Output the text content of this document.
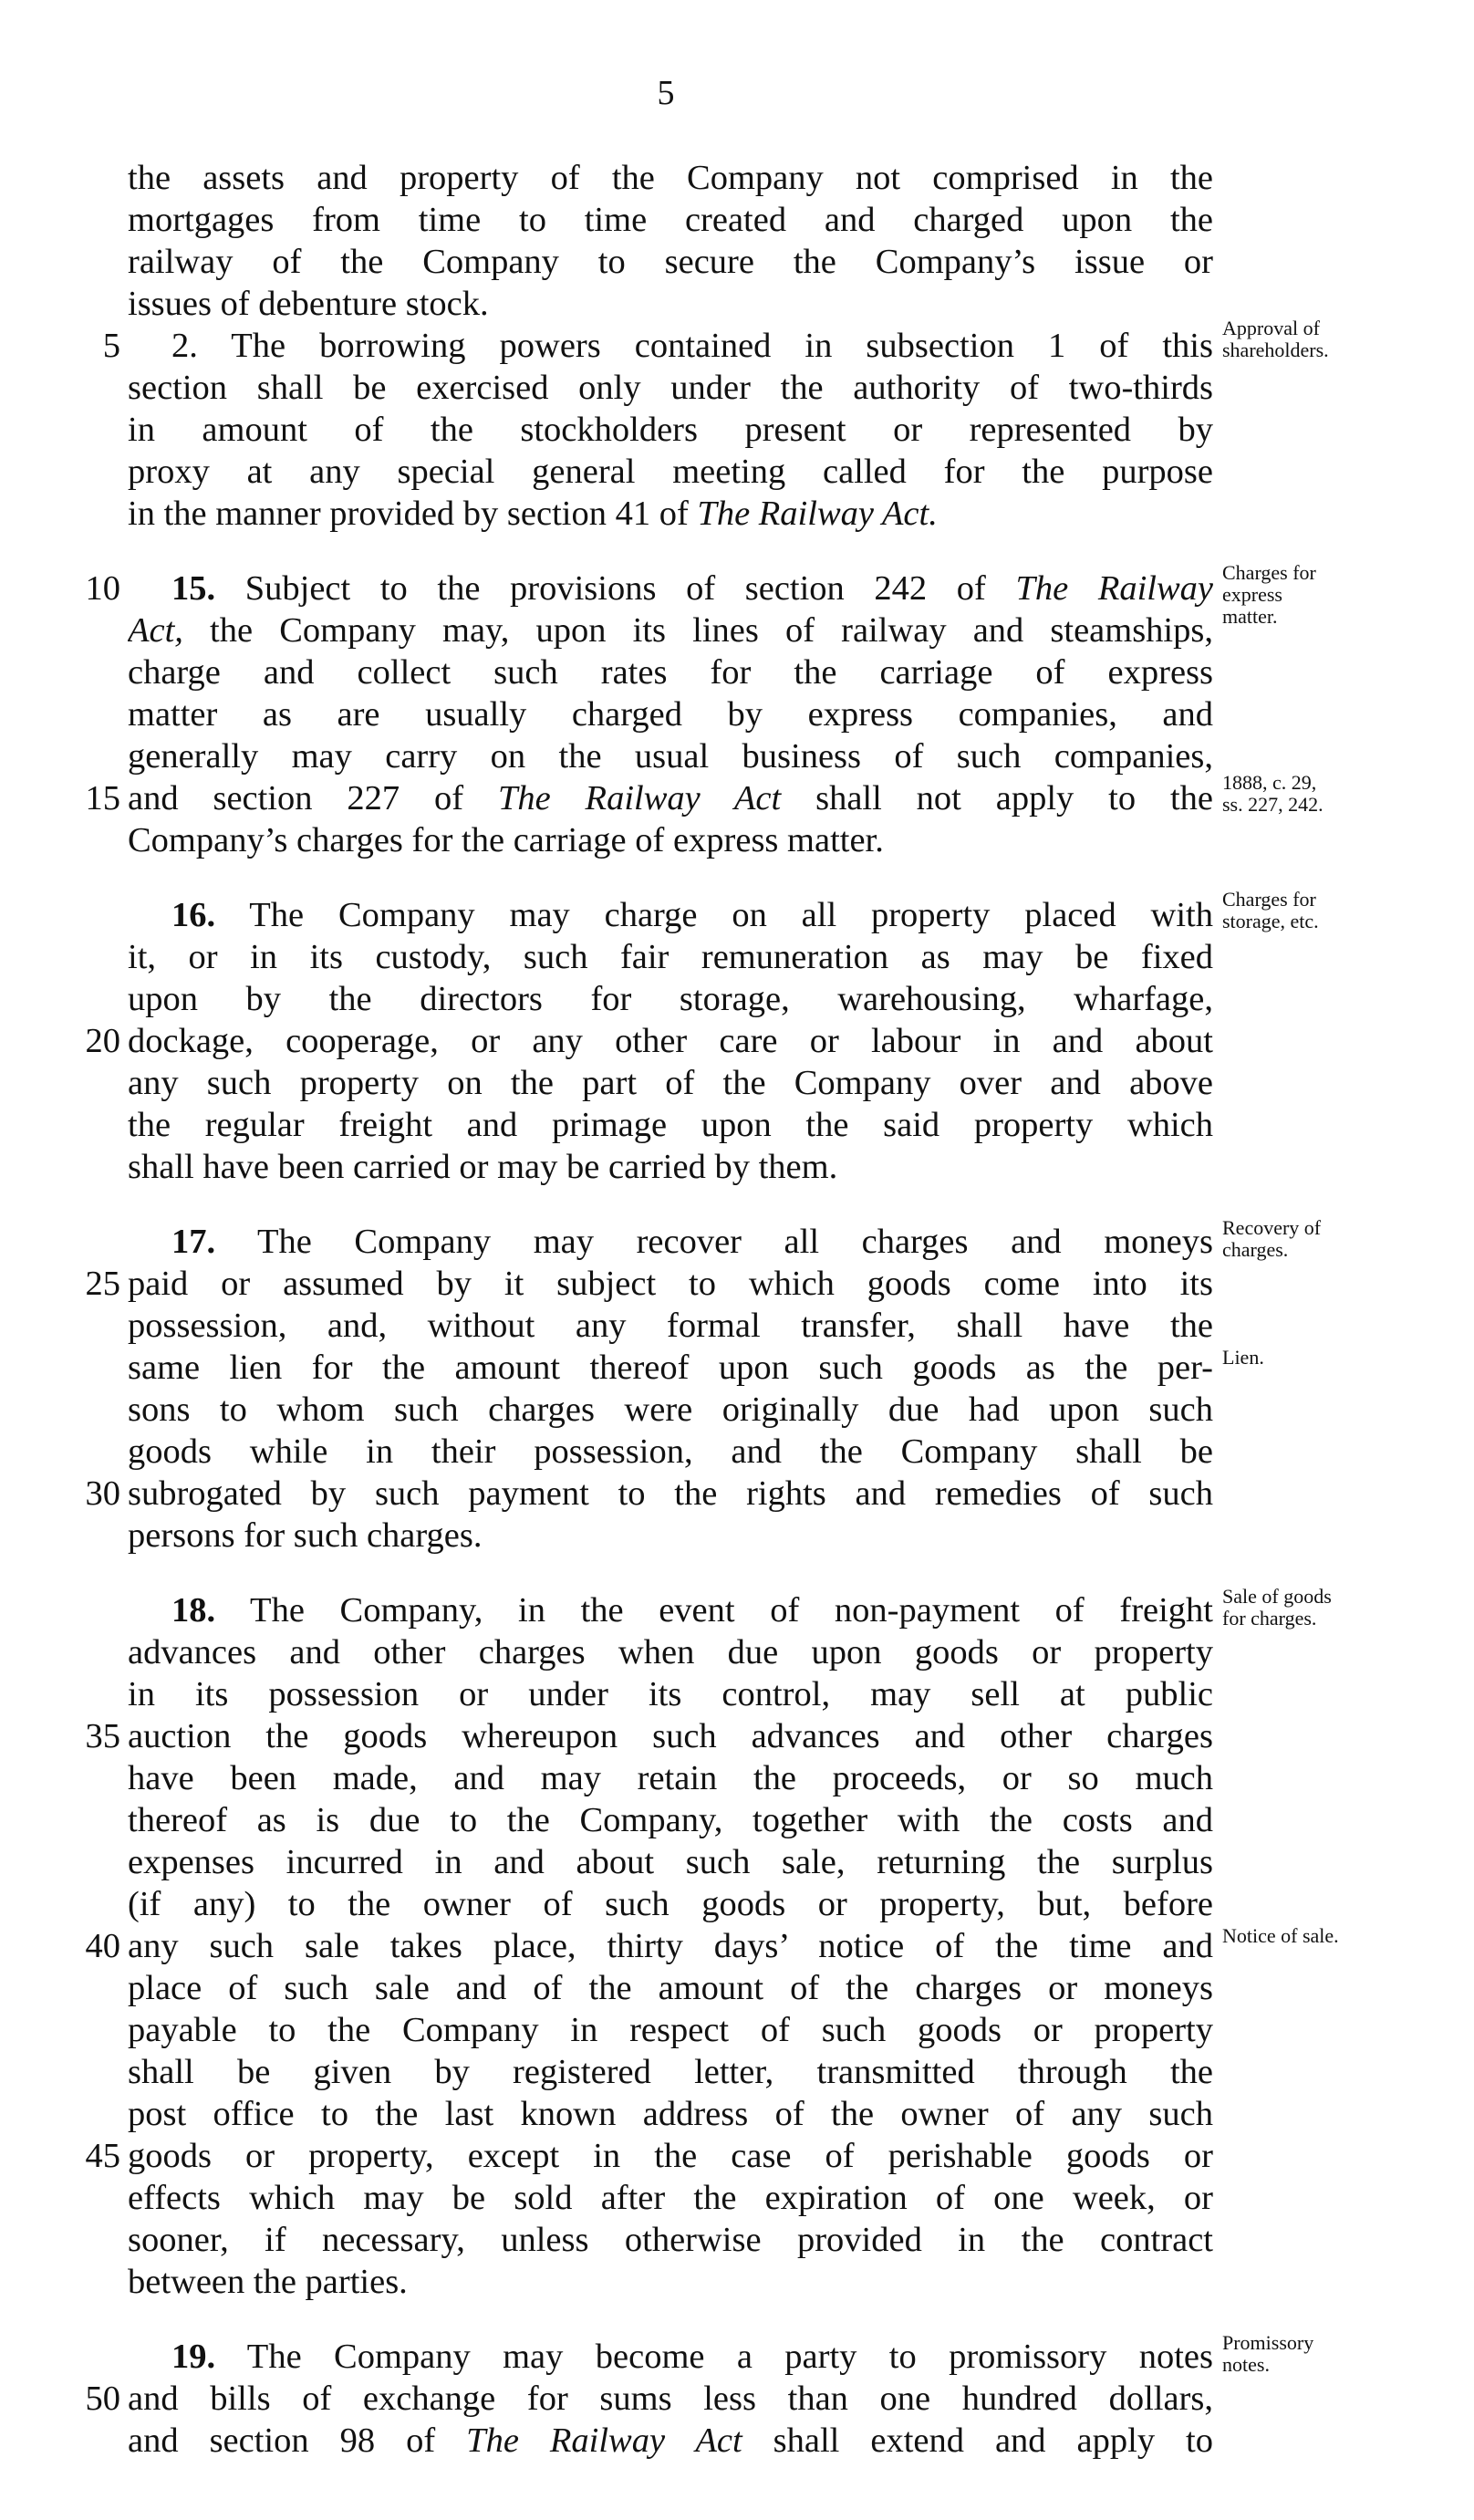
5
the assets and property of the Company not comprised in the
mortgages from time to time created and charged upon the
railway of the Company to secure the Company’s issue or
issues of debenture stock.
2. The borrowing powers contained in subsection 1 of this
section shall be exercised only under the authority of two-thirds
in amount of the stockholders present or represented by
proxy at any special general meeting called for the purpose
in the manner provided by section 41 of The Railway Act.
15. Subject to the provisions of section 242 of The Railway
Act, the Company may, upon its lines of railway and steamships,
charge and collect such rates for the carriage of express
matter as are usually charged by express companies, and
generally may carry on the usual business of such companies,
and section 227 of The Railway Act shall not apply to the
Company’s charges for the carriage of express matter.
16. The Company may charge on all property placed with
it, or in its custody, such fair remuneration as may be fixed
upon by the directors for storage, warehousing, wharfage,
dockage, cooperage, or any other care or labour in and about
any such property on the part of the Company over and above
the regular freight and primage upon the said property which
shall have been carried or may be carried by them.
17. The Company may recover all charges and moneys
paid or assumed by it subject to which goods come into its
possession, and, without any formal transfer, shall have the
same lien for the amount thereof upon such goods as the per-
sons to whom such charges were originally due had upon such
goods while in their possession, and the Company shall be
subrogated by such payment to the rights and remedies of such
persons for such charges.
18. The Company, in the event of non-payment of freight
advances and other charges when due upon goods or property
in its possession or under its control, may sell at public
auction the goods whereupon such advances and other charges
have been made, and may retain the proceeds, or so much
thereof as is due to the Company, together with the costs and
expenses incurred in and about such sale, returning the surplus
(if any) to the owner of such goods or property, but, before
any such sale takes place, thirty days’ notice of the time and
place of such sale and of the amount of the charges or moneys
payable to the Company in respect of such goods or property
shall be given by registered letter, transmitted through the
post office to the last known address of the owner of any such
goods or property, except in the case of perishable goods or
effects which may be sold after the expiration of one week, or
sooner, if necessary, unless otherwise provided in the contract
between the parties.
19. The Company may become a party to promissory notes
and bills of exchange for sums less than one hundred dollars,
and section 98 of The Railway Act shall extend and apply to
5
10
15
20
25
30
35
40
45
50
Approval of
shareholders.
Charges for
express
matter.
1888, c. 29,
ss. 227, 242.
Charges for
storage, etc.
Recovery of
charges.
Lien.
Sale of goods
for charges.
Notice of sale.
Promissory
notes.
